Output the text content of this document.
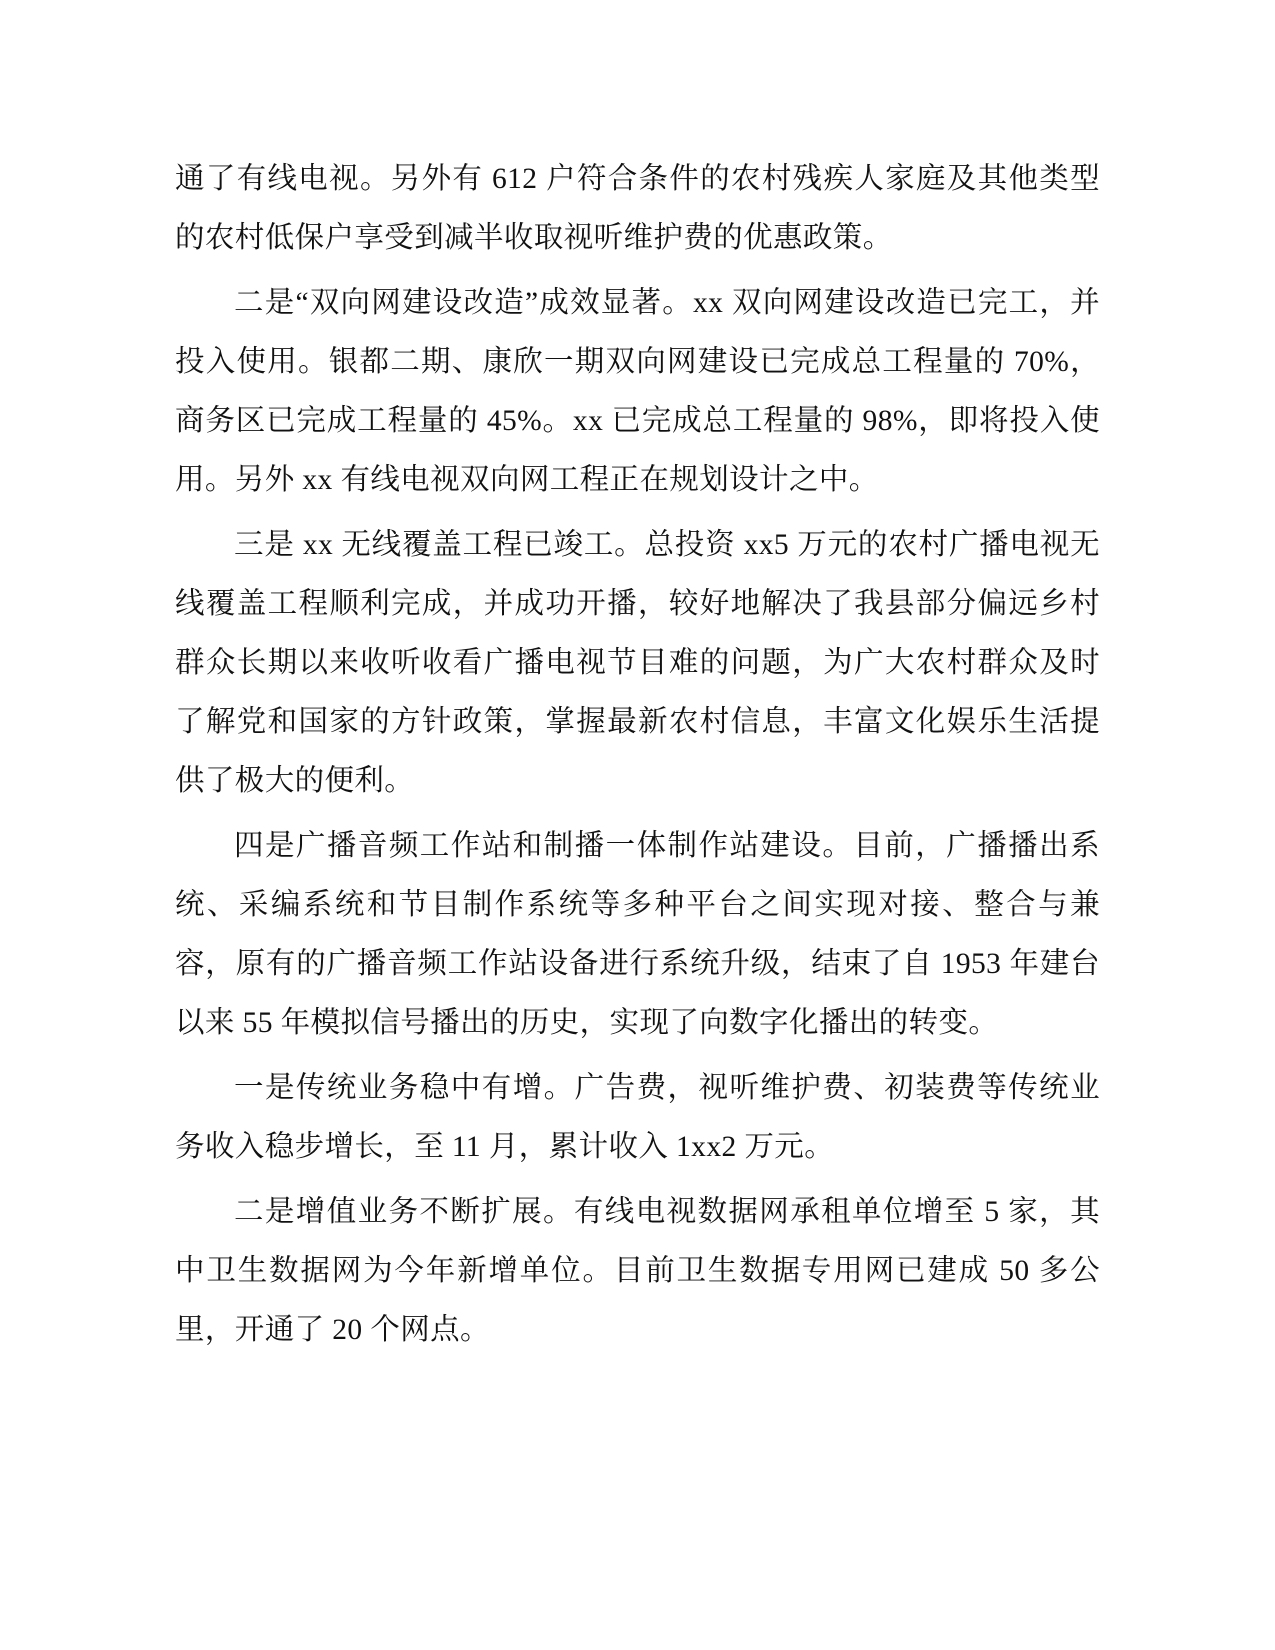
通了有线电视。另外有 612 户符合条件的农村残疾人家庭及其他类型的农村低保户享受到减半收取视听维护费的优惠政策。

二是“双向网建设改造”成效显著。xx 双向网建设改造已完工，并投入使用。银都二期、康欣一期双向网建设已完成总工程量的 70%，商务区已完成工程量的 45%。xx 已完成总工程量的 98%，即将投入使用。另外 xx 有线电视双向网工程正在规划设计之中。

三是 xx 无线覆盖工程已竣工。总投资 xx5 万元的农村广播电视无线覆盖工程顺利完成，并成功开播，较好地解决了我县部分偏远乡村群众长期以来收听收看广播电视节目难的问题，为广大农村群众及时了解党和国家的方针政策，掌握最新农村信息，丰富文化娱乐生活提供了极大的便利。

四是广播音频工作站和制播一体制作站建设。目前，广播播出系统、采编系统和节目制作系统等多种平台之间实现对接、整合与兼容，原有的广播音频工作站设备进行系统升级，结束了自 1953 年建台以来 55 年模拟信号播出的历史，实现了向数字化播出的转变。

一是传统业务稳中有增。广告费，视听维护费、初装费等传统业务收入稳步增长，至 11 月，累计收入 1xx2 万元。

二是增值业务不断扩展。有线电视数据网承租单位增至 5 家，其中卫生数据网为今年新增单位。目前卫生数据专用网已建成 50 多公里，开通了 20 个网点。
